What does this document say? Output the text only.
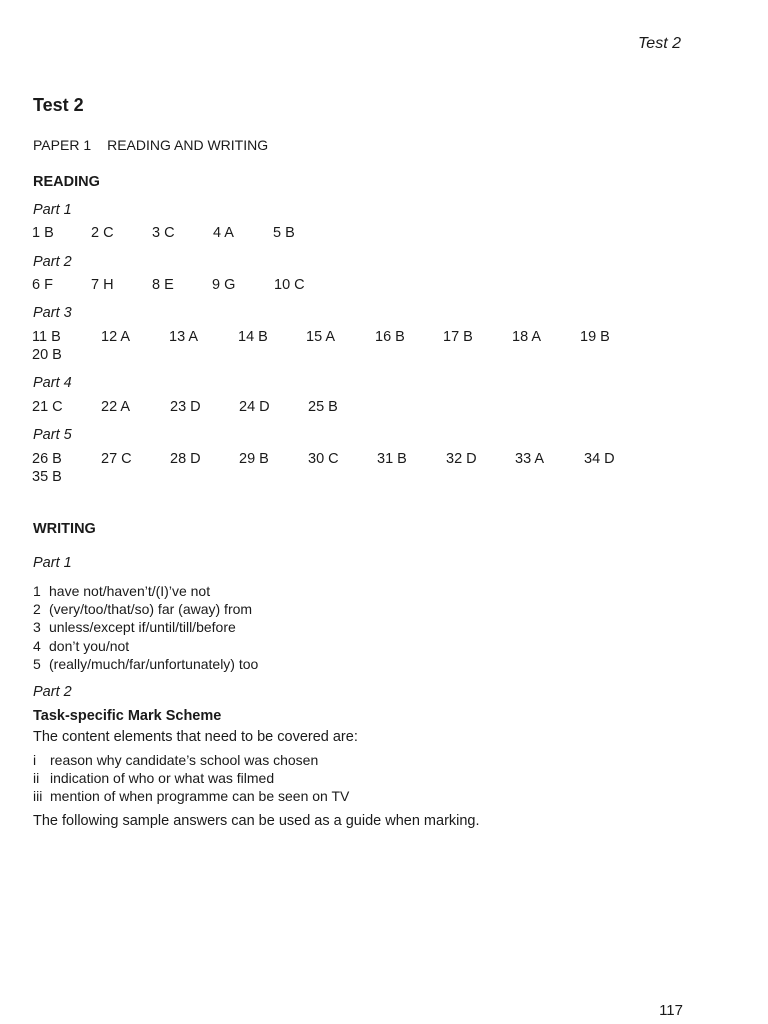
Test 2
Test 2
PAPER 1 READING AND WRITING
READING
Part 1
1 B	2 C	3 C	4 A	5 B
Part 2
6 F	7 H	8 E	9 G	10 C
Part 3
11 B	12 A	13 A	14 B	15 A	16 B	17 B	18 A	19 B
20 B
Part 4
21 C	22 A	23 D	24 D	25 B
Part 5
26 B	27 C	28 D	29 B	30 C	31 B	32 D	33 A	34 D
35 B
WRITING
Part 1
1 have not/haven’t/(I)’ve not
2 (very/too/that/so) far (away) from
3 unless/except if/until/till/before
4 don’t you/not
5 (really/much/far/unfortunately) too
Part 2
Task-specific Mark Scheme
The content elements that need to be covered are:
i reason why candidate’s school was chosen
ii indication of who or what was filmed
iii mention of when programme can be seen on TV
The following sample answers can be used as a guide when marking.
117
